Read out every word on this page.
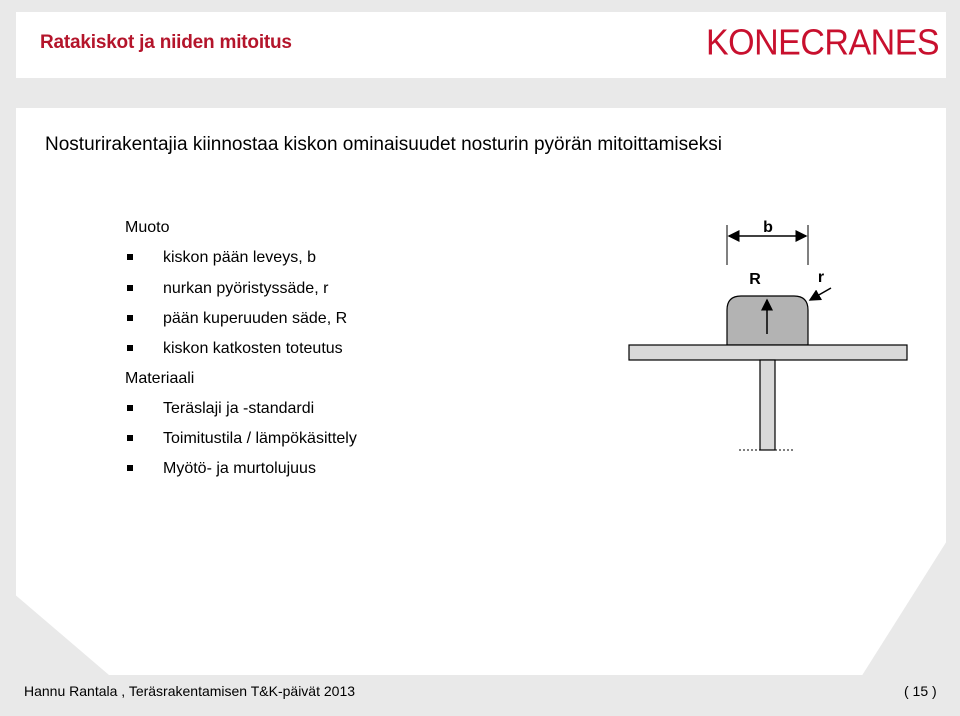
Ratakiskot ja niiden mitoitus	KONECRANES
Nosturirakentajia kiinnostaa kiskon ominaisuudet nosturin pyörän mitoittamiseksi
Muoto
kiskon pään leveys, b
nurkan pyöristyssäde, r
pään kuperuuden säde, R
kiskon katkosten toteutus
Materiaali
Teräslaji ja -standardi
Toimitustila / lämpökäsittely
Myötö- ja murtolujuus
b
R	r
Hannu Rantala , Teräsrakentamisen T&K-päivät 2013	( 15 )
